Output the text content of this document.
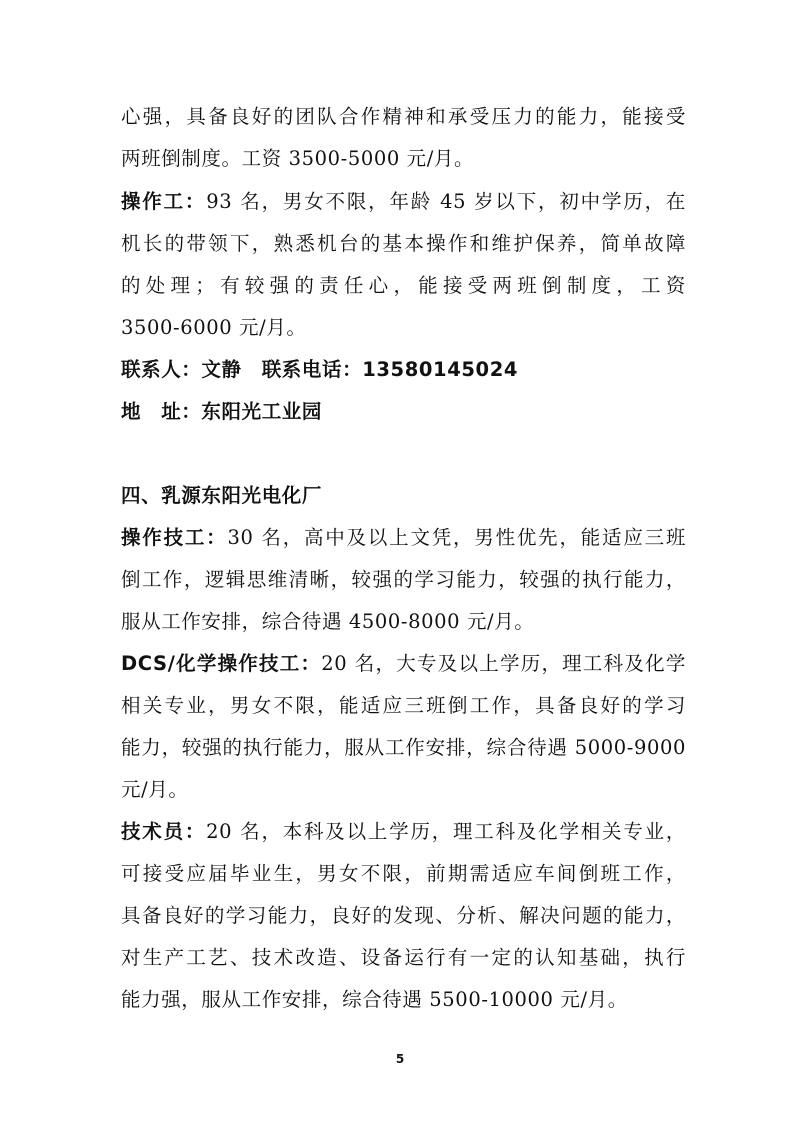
心强，具备良好的团队合作精神和承受压力的能力，能接受
两班倒制度。工资 3500-5000 元/月。
操作工：93 名，男女不限，年龄 45 岁以下，初中学历，在
机长的带领下，熟悉机台的基本操作和维护保养，简单故障
的处理；有较强的责任心，能接受两班倒制度，工资
3500-6000 元/月。
联系人：文静　联系电话：13580145024
地　址：东阳光工业园
四、乳源东阳光电化厂
操作技工：30 名，高中及以上文凭，男性优先，能适应三班
倒工作，逻辑思维清晰，较强的学习能力，较强的执行能力，
服从工作安排，综合待遇 4500-8000 元/月。
DCS/化学操作技工：20 名，大专及以上学历，理工科及化学
相关专业，男女不限，能适应三班倒工作，具备良好的学习
能力，较强的执行能力，服从工作安排，综合待遇 5000-9000
元/月。
技术员：20 名，本科及以上学历，理工科及化学相关专业，
可接受应届毕业生，男女不限，前期需适应车间倒班工作，
具备良好的学习能力，良好的发现、分析、解决问题的能力，
对生产工艺、技术改造、设备运行有一定的认知基础，执行
能力强，服从工作安排，综合待遇 5500-10000 元/月。
5
